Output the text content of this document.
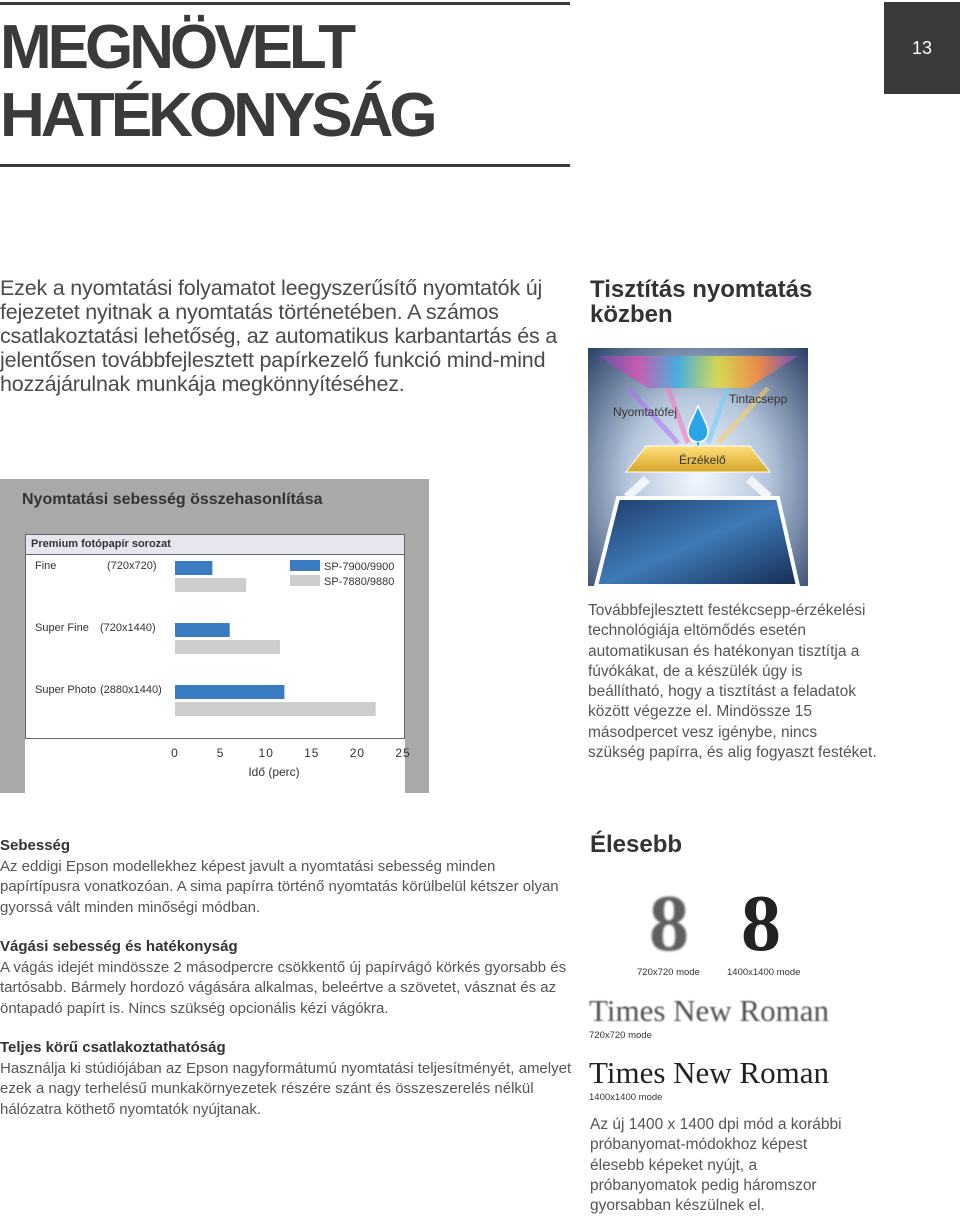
MEGNÖVELT
HATÉKONYSÁG
13

Ezek a nyomtatási folyamatot leegyszerűsítő nyomtatók új fejezetet nyitnak a nyomtatás történetében. A számos csatlakoztatási lehetőség, az automatikus karbantartás és a jelentősen továbbfejlesztett papírkezelő funkció mind-mind hozzájárulnak munkája megkönnyítéséhez.

Tisztítás nyomtatás közben
Nyomtatófej
Tintacsepp
Érzékelő
Nyomtatási sebesség összehasonlítása
Premium fotópapír sorozat
Fine	(720x720)
Super Fine (720x1440)
Super Photo (2880x1440)
SP-7900/9900
SP-7880/9880
0	5	10	15	20	25
Idő (perc)

Továbbfejlesztett festékcsepp-érzékelési technológiája eltömődés esetén automatikusan és hatékonyan tisztítja a fúvókákat, de a készülék úgy is beállítható, hogy a tisztítást a feladatok között végezze el. Mindössze 15 másodpercet vesz igénybe, nincs szükség papírra, és alig fogyaszt festéket.

Sebesség

Az eddigi Epson modellekhez képest javult a nyomtatási sebesség minden papírtípusra vonatkozóan. A sima papírra történő nyomtatás körülbelül kétszer olyan gyorssá vált minden minőségi módban.

Vágási sebesség és hatékonyság

A vágás idejét mindössze 2 másodpercre csökkentő új papírvágó körkés gyorsabb és tartósabb. Bármely hordozó vágására alkalmas, beleértve a szövetet, vásznat és az öntapadó papírt is. Nincs szükség opcionális kézi vágókra.

Teljes körű csatlakoztathatóság

Használja ki stúdiójában az Epson nagyformátumú nyomtatási teljesítményét, amelyet ezek a nagy terhelésű munkakörnyezetek részére szánt és összeszerelés nélkül hálózatra köthető nyomtatók nyújtanak.

Élesebb
8 8
720x720 mode	1400x1400 mode
Times New Roman
720x720 mode
Times New Roman
1400x1400 mode

Az új 1400 x 1400 dpi mód a korábbi próbanyomat-módokhoz képest élesebb képeket nyújt, a próbanyomatok pedig háromszor gyorsabban készülnek el.
